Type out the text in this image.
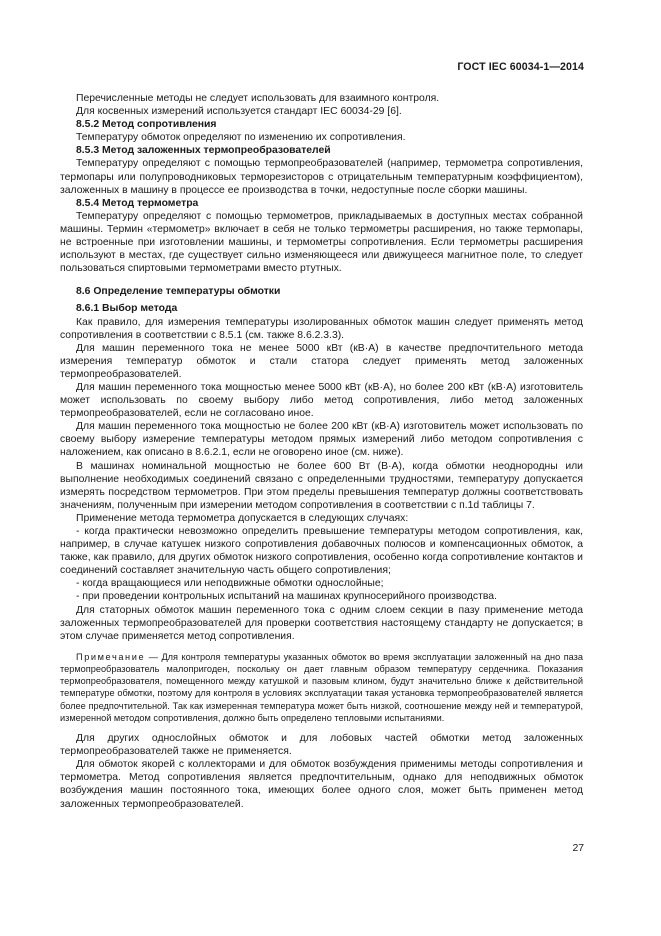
ГОСТ IEC 60034-1—2014

Перечисленные методы не следует использовать для взаимного контроля.

Для косвенных измерений используется стандарт IEC 60034-29 [6].

8.5.2 Метод сопротивления

Температуру обмоток определяют по изменению их сопротивления.

8.5.3 Метод заложенных термопреобразователей

Температуру определяют с помощью термопреобразователей (например, термометра сопротивления, термопары или полупроводниковых терморезисторов с отрицательным температурным коэффициентом), заложенных в машину в процессе ее производства в точки, недоступные после сборки машины.

8.5.4 Метод термометра

Температуру определяют с помощью термометров, прикладываемых в доступных местах собранной машины. Термин «термометр» включает в себя не только термометры расширения, но также термопары, не встроенные при изготовлении машины, и термометры сопротивления. Если термометры расширения используют в местах, где существует сильно изменяющееся или движущееся магнитное поле, то следует пользоваться спиртовыми термометрами вместо ртутных.

8.6 Определение температуры обмотки

8.6.1 Выбор метода

Как правило, для измерения температуры изолированных обмоток машин следует применять метод сопротивления в соответствии с 8.5.1 (см. также 8.6.2.3.3).

Для машин переменного тока не менее 5000 кВт (кВ·А) в качестве предпочтительного метода измерения температур обмоток и стали статора следует применять метод заложенных термопреобразователей.

Для машин переменного тока мощностью менее 5000 кВт (кВ·А), но более 200 кВт (кВ·А) изготовитель может использовать по своему выбору либо метод сопротивления, либо метод заложенных термопреобразователей, если не согласовано иное.

Для машин переменного тока мощностью не более 200 кВт (кВ·А) изготовитель может использовать по своему выбору измерение температуры методом прямых измерений либо методом сопротивления с наложением, как описано в 8.6.2.1, если не оговорено иное (см. ниже).

В машинах номинальной мощностью не более 600 Вт (В·А), когда обмотки неоднородны или выполнение необходимых соединений связано с определенными трудностями, температуру допускается измерять посредством термометров. При этом пределы превышения температур должны соответствовать значениям, полученным при измерении методом сопротивления в соответствии с п.1d таблицы 7.

Применение метода термометра допускается в следующих случаях:

- когда практически невозможно определить превышение температуры методом сопротивления, как, например, в случае катушек низкого сопротивления добавочных полюсов и компенсационных обмоток, а также, как правило, для других обмоток низкого сопротивления, особенно когда сопротивление контактов и соединений составляет значительную часть общего сопротивления;

- когда вращающиеся или неподвижные обмотки однослойные;

- при проведении контрольных испытаний на машинах крупносерийного производства.

Для статорных обмоток машин переменного тока с одним слоем секции в пазу применение метода заложенных термопреобразователей для проверки соответствия настоящему стандарту не допускается; в этом случае применяется метод сопротивления.

Примечание — Для контроля температуры указанных обмоток во время эксплуатации заложенный на дно паза термопреобразователь малопригоден, поскольку он дает главным образом температуру сердечника. Показания термопреобразователя, помещенного между катушкой и пазовым клином, будут значительно ближе к действительной температуре обмотки, поэтому для контроля в условиях эксплуатации такая установка термопреобразователей является более предпочтительной. Так как измеренная температура может быть низкой, соотношение между ней и температурой, измеренной методом сопротивления, должно быть определено тепловыми испытаниями.

Для других однослойных обмоток и для лобовых частей обмотки метод заложенных термопреобразователей также не применяется.

Для обмоток якорей с коллекторами и для обмоток возбуждения применимы методы сопротивления и термометра. Метод сопротивления является предпочтительным, однако для неподвижных обмоток возбуждения машин постоянного тока, имеющих более одного слоя, может быть применен метод заложенных термопреобразователей.

27
